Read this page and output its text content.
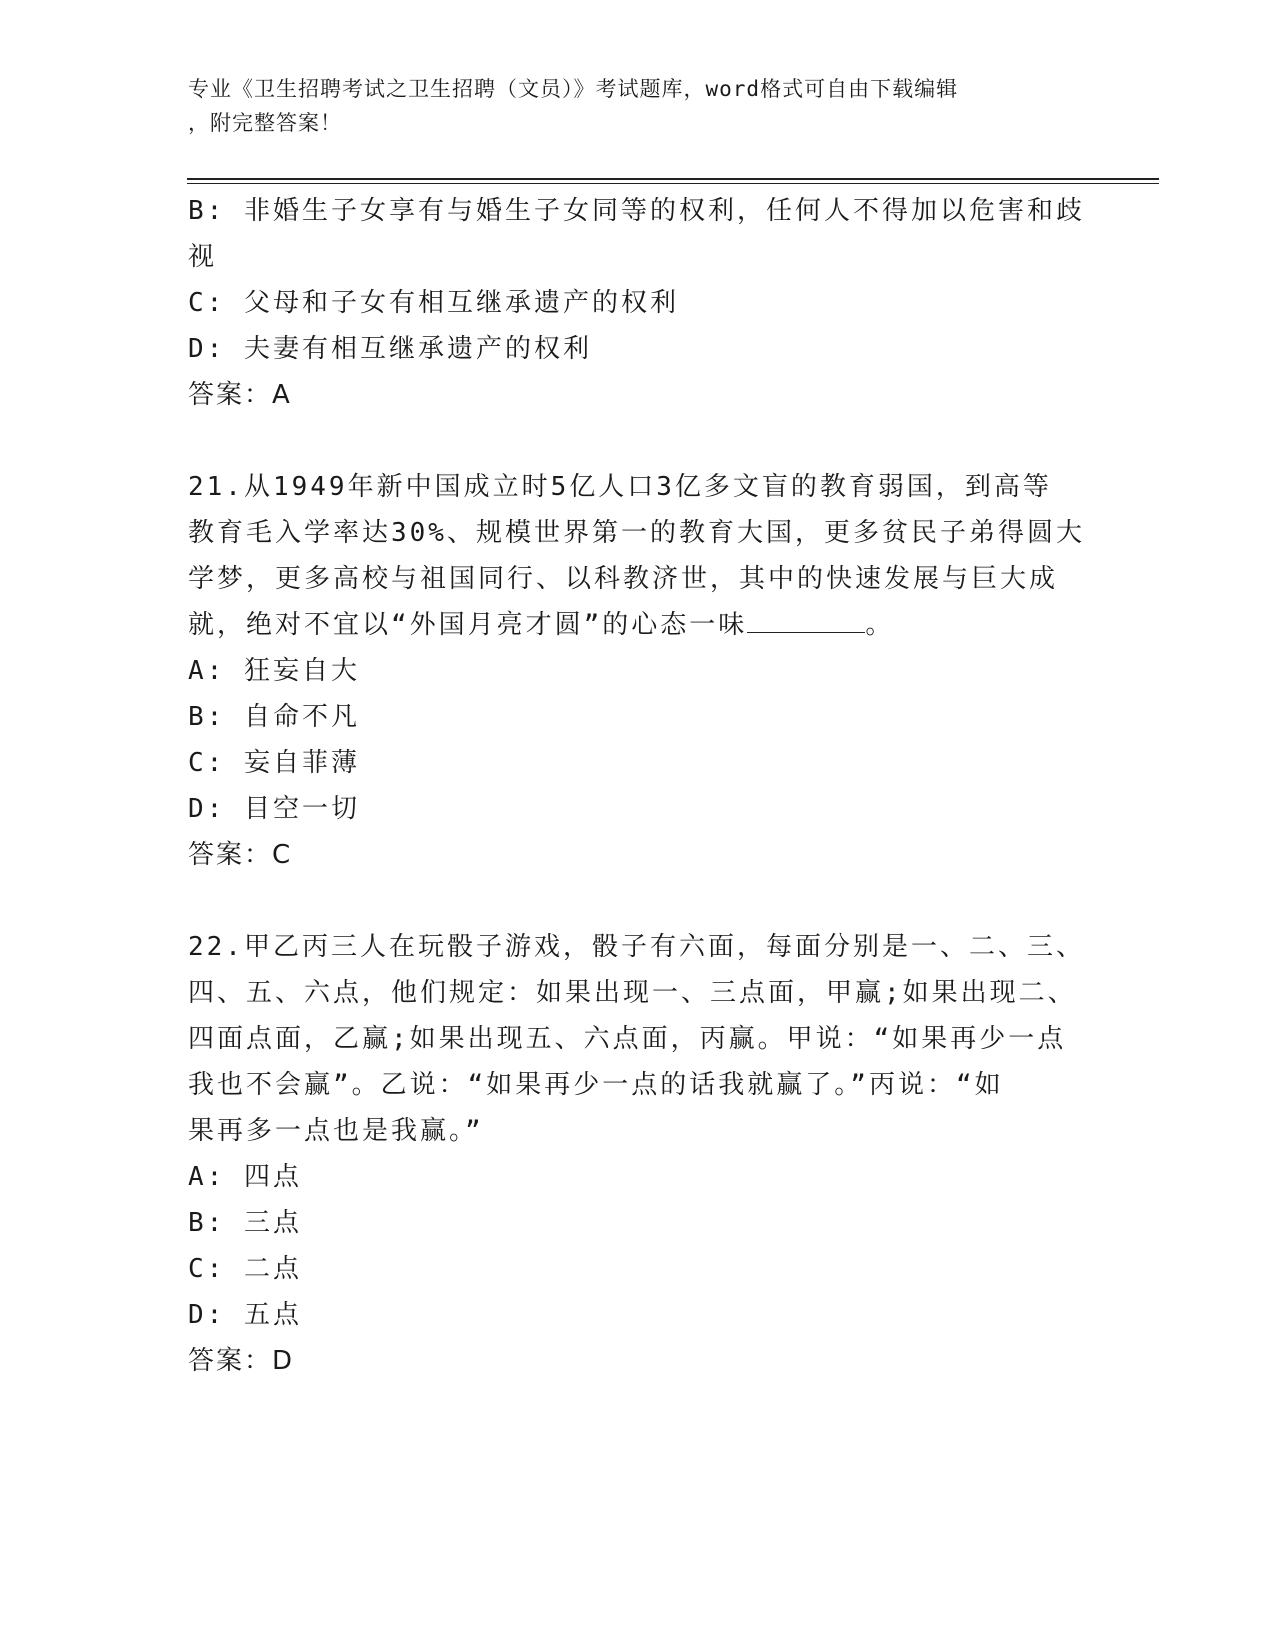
专业《卫生招聘考试之卫生招聘（文员）》考试题库，word格式可自由下载编辑
，附完整答案！
B: 非婚生子女享有与婚生子女同等的权利，任何人不得加以危害和歧
视
C: 父母和子女有相互继承遗产的权利
D: 夫妻有相互继承遗产的权利
答案：A
21.从1949年新中国成立时5亿人口3亿多文盲的教育弱国，到高等
教育毛入学率达30%、规模世界第一的教育大国，更多贫民子弟得圆大
学梦，更多高校与祖国同行、以科教济世，其中的快速发展与巨大成
就，绝对不宜以“外国月亮才圆”的心态一味	。
A: 狂妄自大
B: 自命不凡
C: 妄自菲薄
D: 目空一切
答案：C
22.甲乙丙三人在玩骰子游戏，骰子有六面，每面分别是一、二、三、
四、五、六点，他们规定：如果出现一、三点面，甲赢;如果出现二、
四面点面，乙赢;如果出现五、六点面，丙赢。甲说：“如果再少一点
我也不会赢”。乙说：“如果再少一点的话我就赢了。”丙说：“如
果再多一点也是我赢。”
A: 四点
B: 三点
C: 二点
D: 五点
答案：D
